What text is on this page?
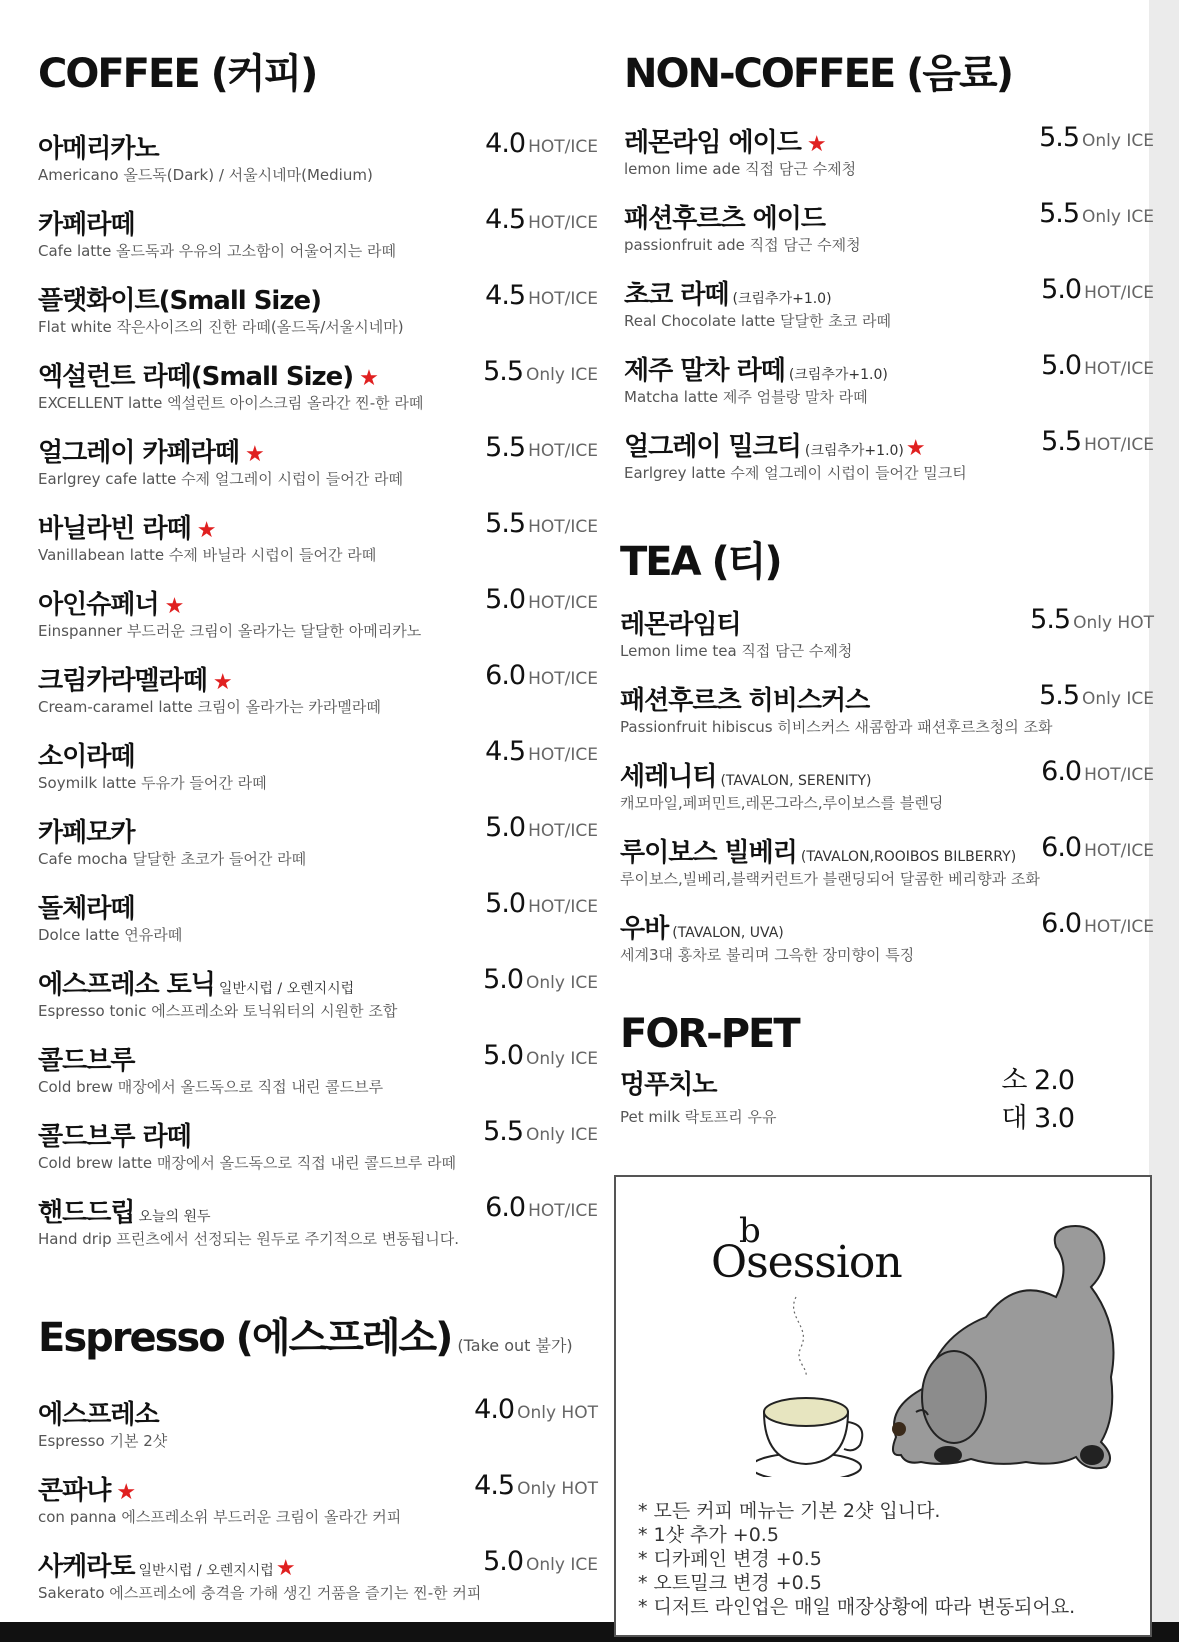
COFFEE (커피)
아메리카노	4.0 HOT/ICE
Americano 올드독(Dark) / 서울시네마(Medium)
카페라떼	4.5 HOT/ICE
Cafe latte 올드독과 우유의 고소함이 어울어지는 라떼
플랫화이트(Small Size)	4.5 HOT/ICE
Flat white 작은사이즈의 진한 라떼(올드독/서울시네마)
엑설런트 라떼(Small Size) ★	5.5 Only ICE
EXCELLENT latte 엑설런트 아이스크림 올라간 찐-한 라떼
얼그레이 카페라떼 ★	5.5 HOT/ICE
Earlgrey cafe latte 수제 얼그레이 시럽이 들어간 라떼
바닐라빈 라떼 ★	5.5 HOT/ICE
Vanillabean latte 수제 바닐라 시럽이 들어간 라떼
아인슈페너 ★	5.0 HOT/ICE
Einspanner 부드러운 크림이 올라가는 달달한 아메리카노
크림카라멜라떼 ★	6.0 HOT/ICE
Cream-caramel latte 크림이 올라가는 카라멜라떼
소이라떼	4.5 HOT/ICE
Soymilk latte 두유가 들어간 라떼
카페모카	5.0 HOT/ICE
Cafe mocha 달달한 초코가 들어간 라떼
돌체라떼	5.0 HOT/ICE
Dolce latte 연유라떼
에스프레소 토닉 일반시럽 / 오렌지시럽	5.0 Only ICE
Espresso tonic 에스프레소와 토닉워터의 시원한 조합
콜드브루	5.0 Only ICE
Cold brew 매장에서 올드독으로 직접 내린 콜드브루
콜드브루 라떼	5.5 Only ICE
Cold brew latte 매장에서 올드독으로 직접 내린 콜드브루 라떼
핸드드립 오늘의 원두	6.0 HOT/ICE
Hand drip 프린츠에서 선정되는 원두로 주기적으로 변동됩니다.
Espresso (에스프레소) (Take out 불가)
에스프레소	4.0 Only HOT
Espresso 기본 2샷
콘파냐 ★	4.5 Only HOT
con panna 에스프레소위 부드러운 크림이 올라간 커피
사케라토 일반시럽 / 오렌지시럽★	5.0 Only ICE
Sakerato 에스프레소에 충격을 가해 생긴 거품을 즐기는 찐-한 커피
NON-COFFEE (음료)
레몬라임 에이드 ★	5.5 Only ICE
lemon lime ade 직접 담근 수제청
패션후르츠 에이드	5.5 Only ICE
passionfruit ade 직접 담근 수제청
초코 라떼 (크림추가+1.0)	5.0 HOT/ICE
Real Chocolate latte 달달한 초코 라떼
제주 말차 라떼 (크림추가+1.0)	5.0 HOT/ICE
Matcha latte 제주 엄블랑 말차 라떼
얼그레이 밀크티 (크림추가+1.0)★	5.5 HOT/ICE
Earlgrey latte 수제 얼그레이 시럽이 들어간 밀크티
TEA (티)
레몬라임티	5.5 Only HOT
Lemon lime tea 직접 담근 수제청
패션후르츠 히비스커스	5.5 Only ICE
Passionfruit hibiscus 히비스커스 새콤함과 패션후르츠청의 조화
세레니티 (TAVALON, SERENITY)	6.0 HOT/ICE
캐모마일,페퍼민트,레몬그라스,루이보스를 블렌딩
루이보스 빌베리 (TAVALON,ROOIBOS BILBERRY) 6.0 HOT/ICE
루이보스,빌베리,블랙커런트가 블랜딩되어 달콤한 베리향과 조화
우바 (TAVALON, UVA)	6.0 HOT/ICE
세계3대 홍차로 불리며 그윽한 장미향이 특징
FOR-PET
멍푸치노
Pet milk 락토프리 우유
소 2.0
대 3.0
b
Osession
* 모든 커피 메뉴는 기본 2샷 입니다.
* 1샷 추가 +0.5
* 디카페인 변경 +0.5
* 오트밀크 변경 +0.5
* 디저트 라인업은 매일 매장상황에 따라 변동되어요.
